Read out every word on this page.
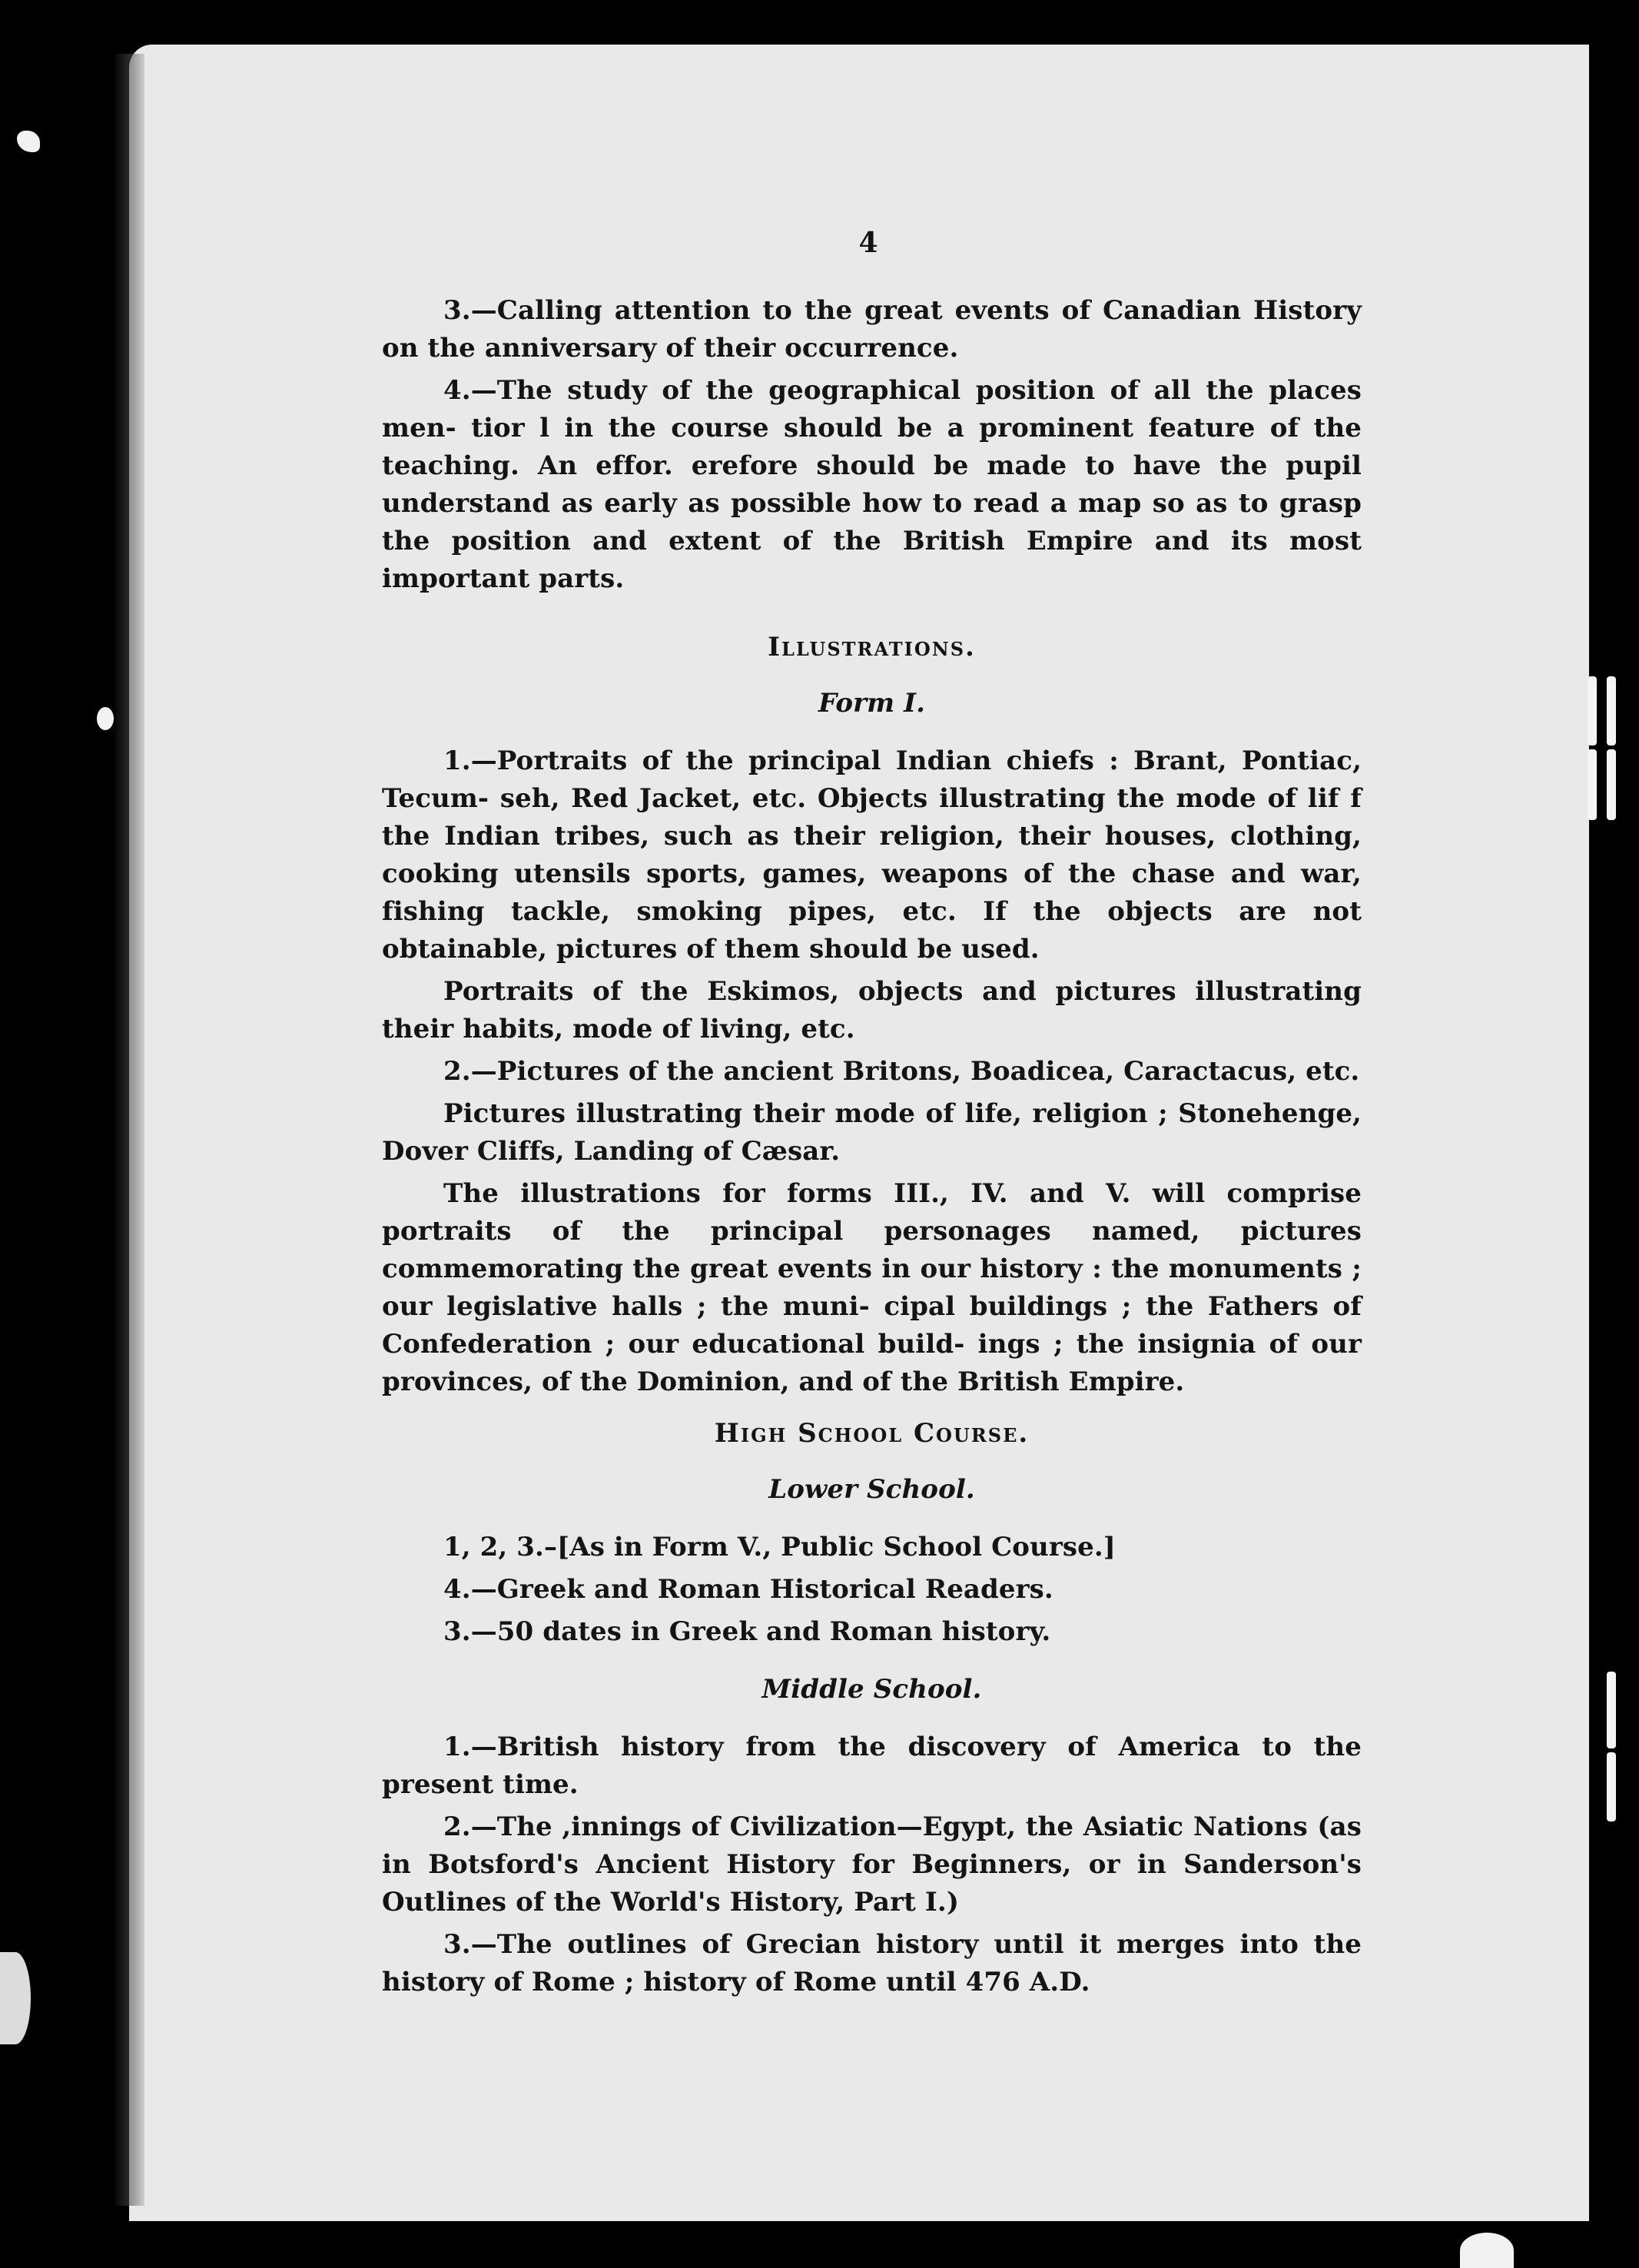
4

3.—Calling attention to the great events of Canadian History on the anniversary of their occurrence.

4.—The study of the geographical position of all the places men- tior l in the course should be a prominent feature of the teaching. An effor. erefore should be made to have the pupil understand as early as possible how to read a map so as to grasp the position and extent of the British Empire and its most important parts.

Illustrations.

Form I.

1.—Portraits of the principal Indian chiefs : Brant, Pontiac, Tecum- seh, Red Jacket, etc. Objects illustrating the mode of lif f the Indian tribes, such as their religion, their houses, clothing, cooking utensils sports, games, weapons of the chase and war, fishing tackle, smoking pipes, etc. If the objects are not obtainable, pictures of them should be used.

Portraits of the Eskimos, objects and pictures illustrating their habits, mode of living, etc.

2.—Pictures of the ancient Britons, Boadicea, Caractacus, etc.

Pictures illustrating their mode of life, religion ; Stonehenge, Dover Cliffs, Landing of Cæsar.

The illustrations for forms III., IV. and V. will comprise portraits of the principal personages named, pictures commemorating the great events in our history : the monuments ; our legislative halls ; the muni- cipal buildings ; the Fathers of Confederation ; our educational build- ings ; the insignia of our provinces, of the Dominion, and of the British Empire.

High School Course.

Lower School.

1, 2, 3.–[As in Form V., Public School Course.]

4.—Greek and Roman Historical Readers.

3.—50 dates in Greek and Roman history.

Middle School.

1.—British history from the discovery of America to the present time.

2.—The ,innings of Civilization—Egypt, the Asiatic Nations (as in Botsford's Ancient History for Beginners, or in Sanderson's Outlines of the World's History, Part I.)

3.—The outlines of Grecian history until it merges into the history of Rome ; history of Rome until 476 A.D.
